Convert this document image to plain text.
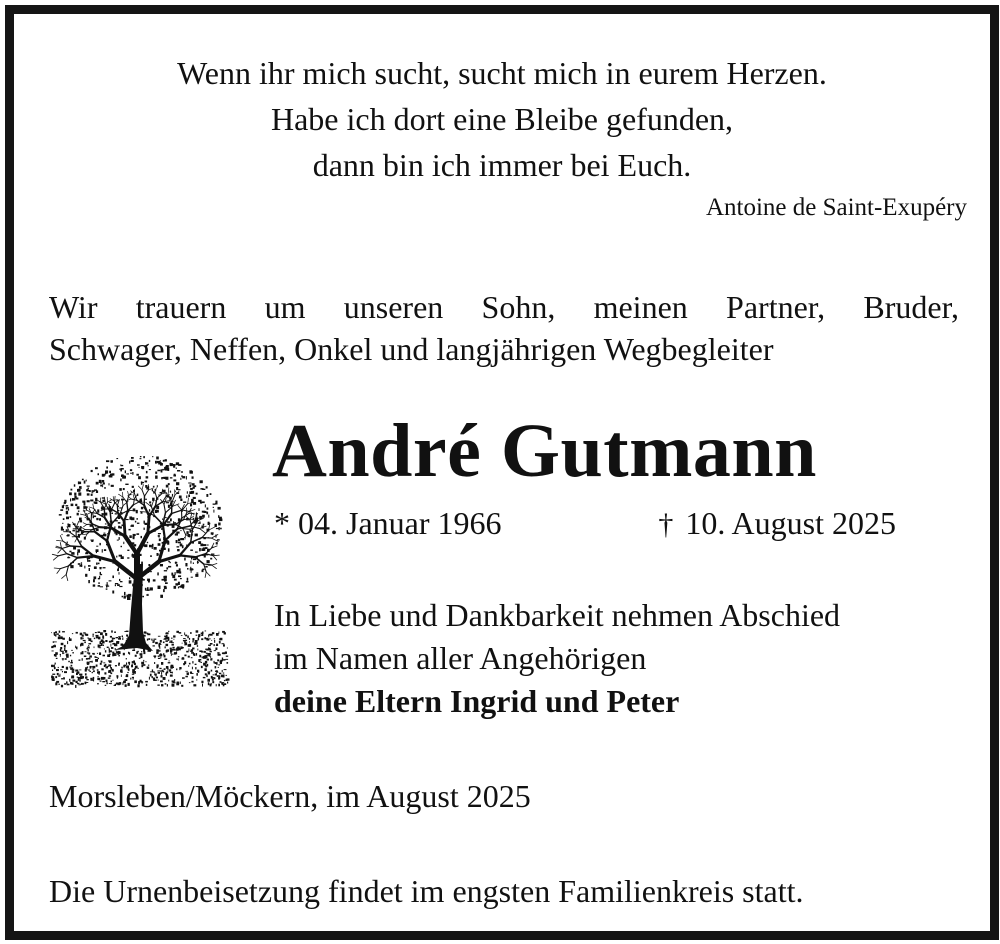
Wenn ihr mich sucht, sucht mich in eurem Herzen.
Habe ich dort eine Bleibe gefunden,
dann bin ich immer bei Euch.
Antoine de Saint-Exupéry
Wir trauern um unseren Sohn, meinen Partner, Bruder,
Schwager, Neffen, Onkel und langjährigen Wegbegleiter
André Gutmann
* 04. Januar 1966	† 10. August 2025
In Liebe und Dankbarkeit nehmen Abschied
im Namen aller Angehörigen
deine Eltern Ingrid und Peter
Morsleben/Möckern, im August 2025
Die Urnenbeisetzung findet im engsten Familienkreis statt.
